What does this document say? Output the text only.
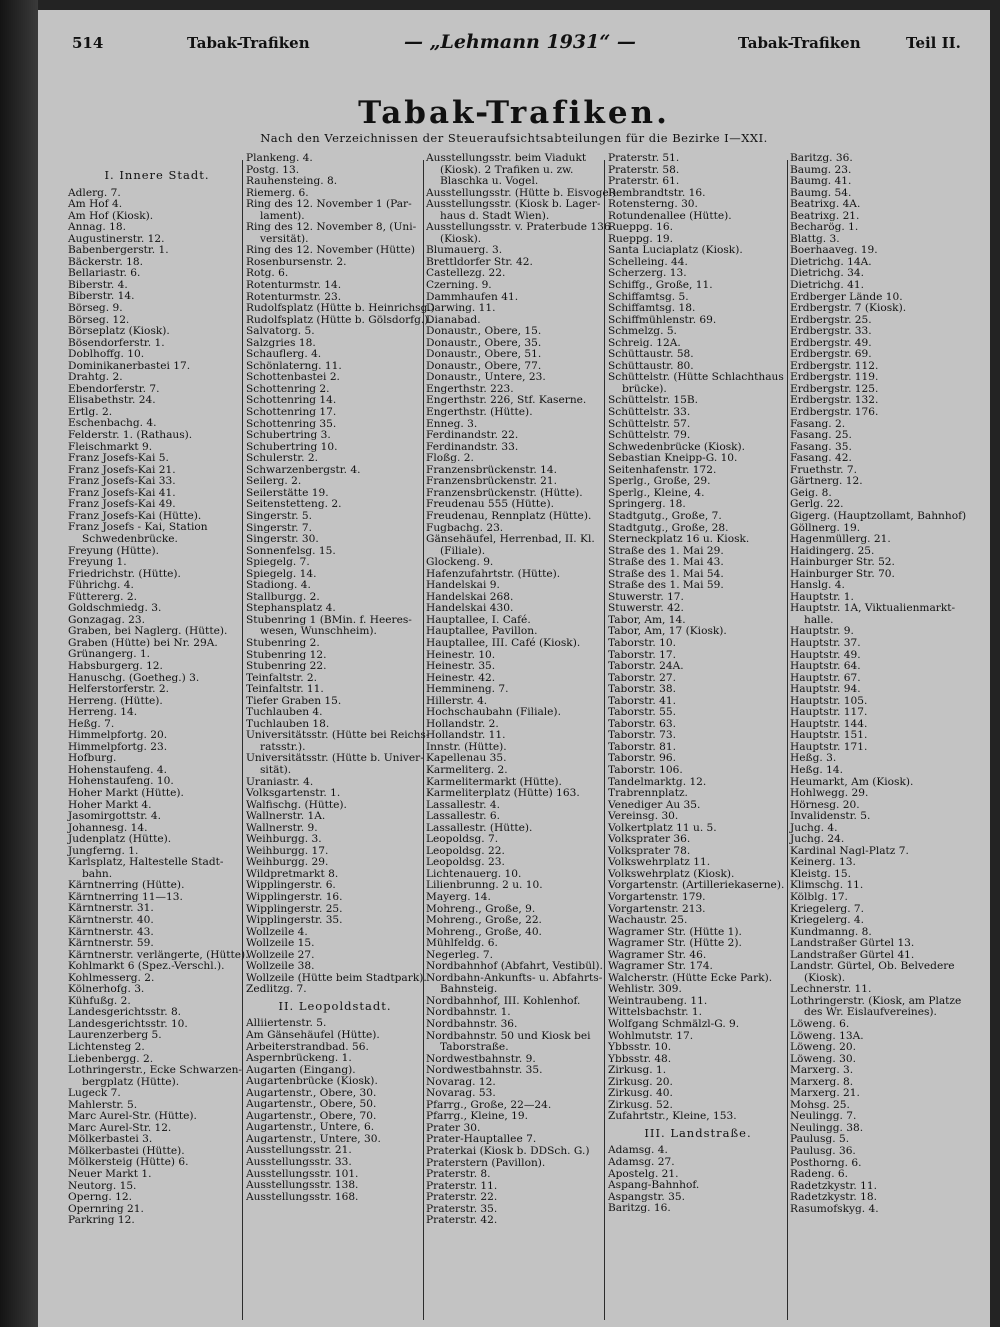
514	Tabak-Trafiken	— „Lehmann 1931“ —	Tabak-Trafiken	Teil II.
Tabak-Trafiken.
Nach den Verzeichnissen der Steueraufsichtsabteilungen für die Bezirke I—XXI.
I. Innere Stadt.
Adlerg. 7.
Am Hof 4.
Am Hof (Kiosk).
Annag. 18.
Augustinerstr. 12.
Babenbergerstr. 1.
Bäckerstr. 18.
Bellariastr. 6.
Biberstr. 4.
Biberstr. 14.
Börseg. 9.
Börseg. 12.
Börseplatz (Kiosk).
Bösendorferstr. 1.
Doblhoffg. 10.
Dominikanerbastei 17.
Drahtg. 2.
Ebendorferstr. 7.
Elisabethstr. 24.
Ertlg. 2.
Eschenbachg. 4.
Felderstr. 1. (Rathaus).
Fleischmarkt 9.
Franz Josefs-Kai 5.
Franz Josefs-Kai 21.
Franz Josefs-Kai 33.
Franz Josefs-Kai 41.
Franz Josefs-Kai 49.
Franz Josefs-Kai (Hütte).
Franz Josefs - Kai, Station
Schwedenbrücke.
Freyung (Hütte).
Freyung 1.
Friedrichstr. (Hütte).
Führichg. 4.
Füttererg. 2.
Goldschmiedg. 3.
Gonzagag. 23.
Graben, bei Naglerg. (Hütte).
Graben (Hütte) bei Nr. 29A.
Grünangerg. 1.
Habsburgerg. 12.
Hanuschg. (Goetheg.) 3.
Helferstorferstr. 2.
Herreng. (Hütte).
Herreng. 14.
Heßg. 7.
Himmelpfortg. 20.
Himmelpfortg. 23.
Hofburg.
Hohenstaufeng. 4.
Hohenstaufeng. 10.
Hoher Markt (Hütte).
Hoher Markt 4.
Jasomirgottstr. 4.
Johannesg. 14.
Judenplatz (Hütte).
Jungferng. 1.
Karlsplatz, Haltestelle Stadt-
bahn.
Kärntnerring (Hütte).
Kärntnerring 11—13.
Kärntnerstr. 31.
Kärntnerstr. 40.
Kärntnerstr. 43.
Kärntnerstr. 59.
Kärntnerstr. verlängerte, (Hütte).
Kohlmarkt 6 (Spez.-Verschl.).
Kohlmesserg. 2.
Kölnerhofg. 3.
Kühfußg. 2.
Landesgerichtsstr. 8.
Landesgerichtsstr. 10.
Laurenzerberg 5.
Lichtensteg 2.
Liebenbergg. 2.
Lothringerstr., Ecke Schwarzen-
bergplatz (Hütte).
Lugeck 7.
Mahlerstr. 5.
Marc Aurel-Str. (Hütte).
Marc Aurel-Str. 12.
Mölkerbastei 3.
Mölkerbastei (Hütte).
Mölkersteig (Hütte) 6.
Neuer Markt 1.
Neutorg. 15.
Operng. 12.
Opernring 21.
Parkring 12.
Plankeng. 4.
Postg. 13.
Rauhensteing. 8.
Riemerg. 6.
Ring des 12. November 1 (Par-
lament).
Ring des 12. November 8, (Uni-
versität).
Ring des 12. November (Hütte)
Rosenbursenstr. 2.
Rotg. 6.
Rotenturmstr. 14.
Rotenturmstr. 23.
Rudolfsplatz (Hütte b. Heinrichsg.)
Rudolfsplatz (Hütte b. Gölsdorfg.).
Salvatorg. 5.
Salzgries 18.
Schauflerg. 4.
Schönlaterng. 11.
Schottenbastei 2.
Schottenring 2.
Schottenring 14.
Schottenring 17.
Schottenring 35.
Schubertring 3.
Schubertring 10.
Schulerstr. 2.
Schwarzenbergstr. 4.
Seilerg. 2.
Seilerstätte 19.
Seitenstetteng. 2.
Singerstr. 5.
Singerstr. 7.
Singerstr. 30.
Sonnenfelsg. 15.
Spiegelg. 7.
Spiegelg. 14.
Stadiong. 4.
Stallburgg. 2.
Stephansplatz 4.
Stubenring 1 (BMin. f. Heeres-
wesen, Wunschheim).
Stubenring 2.
Stubenring 12.
Stubenring 22.
Teinfaltstr. 2.
Teinfaltstr. 11.
Tiefer Graben 15.
Tuchlauben 4.
Tuchlauben 18.
Universitätsstr. (Hütte bei Reichs-
ratsstr.).
Universitätsstr. (Hütte b. Univer-
sität).
Uraniastr. 4.
Volksgartenstr. 1.
Walfischg. (Hütte).
Wallnerstr. 1A.
Wallnerstr. 9.
Weihburgg. 3.
Weihburgg. 17.
Weihburgg. 29.
Wildpretmarkt 8.
Wipplingerstr. 6.
Wipplingerstr. 16.
Wipplingerstr. 25.
Wipplingerstr. 35.
Wollzeile 4.
Wollzeile 15.
Wollzeile 27.
Wollzeile 38.
Wollzeile (Hütte beim Stadtpark).
Zedlitzg. 7.
II. Leopoldstadt.
Alliiertenstr. 5.
Am Gänsehäufel (Hütte).
Arbeiterstrandbad. 56.
Aspernbrückeng. 1.
Augarten (Eingang).
Augartenbrücke (Kiosk).
Augartenstr., Obere, 30.
Augartenstr., Obere, 50.
Augartenstr., Obere, 70.
Augartenstr., Untere, 6.
Augartenstr., Untere, 30.
Ausstellungsstr. 21.
Ausstellungsstr. 33.
Ausstellungsstr. 101.
Ausstellungsstr. 138.
Ausstellungsstr. 168.
Ausstellungsstr. beim Viadukt
(Kiosk). 2 Trafiken u. zw.
Blaschka u. Vogel.
Ausstellungsstr. (Hütte b. Eisvogel).
Ausstellungsstr. (Kiosk b. Lager-
haus d. Stadt Wien).
Ausstellungsstr. v. Praterbude 136
(Kiosk).
Blumauerg. 3.
Brettldorfer Str. 42.
Castellezg. 22.
Czerning. 9.
Dammhaufen 41.
Darwing. 11.
Dianabad.
Donaustr., Obere, 15.
Donaustr., Obere, 35.
Donaustr., Obere, 51.
Donaustr., Obere, 77.
Donaustr., Untere, 23.
Engerthstr. 223.
Engerthstr. 226, Stf. Kaserne.
Engerthstr. (Hütte).
Enneg. 3.
Ferdinandstr. 22.
Ferdinandstr. 33.
Floßg. 2.
Franzensbrückenstr. 14.
Franzensbrückenstr. 21.
Franzensbrückenstr. (Hütte).
Freudenau 555 (Hütte).
Freudenau, Rennplatz (Hütte).
Fugbachg. 23.
Gänsehäufel, Herrenbad, II. Kl.
(Filiale).
Glockeng. 9.
Hafenzufahrtstr. (Hütte).
Handelskai 9.
Handelskai 268.
Handelskai 430.
Hauptallee, I. Café.
Hauptallee, Pavillon.
Hauptallee, III. Café (Kiosk).
Heinestr. 10.
Heinestr. 35.
Heinestr. 42.
Hemmineng. 7.
Hillerstr. 4.
Hochschaubahn (Filiale).
Hollandstr. 2.
Hollandstr. 11.
Innstr. (Hütte).
Kapellenau 35.
Karmeliterg. 2.
Karmelitermarkt (Hütte).
Karmeliterplatz (Hütte) 163.
Lassallestr. 4.
Lassallestr. 6.
Lassallestr. (Hütte).
Leopoldsg. 7.
Leopoldsg. 22.
Leopoldsg. 23.
Lichtenauerg. 10.
Lilienbrunng. 2 u. 10.
Mayerg. 14.
Mohreng., Große, 9.
Mohreng., Große, 22.
Mohreng., Große, 40.
Mühlfeldg. 6.
Negerleg. 7.
Nordbahnhof (Abfahrt, Vestibül).
Nordbahn-Ankunfts- u. Abfahrts-
Bahnsteig.
Nordbahnhof, III. Kohlenhof.
Nordbahnstr. 1.
Nordbahnstr. 36.
Nordbahnstr. 50 und Kiosk bei
Taborstraße.
Nordwestbahnstr. 9.
Nordwestbahnstr. 35.
Novarag. 12.
Novarag. 53.
Pfarrg., Große, 22—24.
Pfarrg., Kleine, 19.
Prater 30.
Prater-Hauptallee 7.
Praterkai (Kiosk b. DDSch. G.)
Praterstern (Pavillon).
Praterstr. 8.
Praterstr. 11.
Praterstr. 22.
Praterstr. 35.
Praterstr. 42.
Praterstr. 51.
Praterstr. 58.
Praterstr. 61.
Rembrandtstr. 16.
Rotensterng. 30.
Rotundenallee (Hütte).
Rueppg. 16.
Rueppg. 19.
Santa Luciaplatz (Kiosk).
Schelleing. 44.
Scherzerg. 13.
Schiffg., Große, 11.
Schiffamtsg. 5.
Schiffamtsg. 18.
Schiffmühlenstr. 69.
Schmelzg. 5.
Schreig. 12A.
Schüttaustr. 58.
Schüttaustr. 80.
Schüttelstr. (Hütte Schlachthaus
brücke).
Schüttelstr. 15B.
Schüttelstr. 33.
Schüttelstr. 57.
Schüttelstr. 79.
Schwedenbrücke (Kiosk).
Sebastian Kneipp-G. 10.
Seitenhafenstr. 172.
Sperlg., Große, 29.
Sperlg., Kleine, 4.
Springerg. 18.
Stadtgutg., Große, 7.
Stadtgutg., Große, 28.
Sterneckplatz 16 u. Kiosk.
Straße des 1. Mai 29.
Straße des 1. Mai 43.
Straße des 1. Mai 54.
Straße des 1. Mai 59.
Stuwerstr. 17.
Stuwerstr. 42.
Tabor, Am, 14.
Tabor, Am, 17 (Kiosk).
Taborstr. 10.
Taborstr. 17.
Taborstr. 24A.
Taborstr. 27.
Taborstr. 38.
Taborstr. 41.
Taborstr. 55.
Taborstr. 63.
Taborstr. 73.
Taborstr. 81.
Taborstr. 96.
Taborstr. 106.
Tandelmarktg. 12.
Trabrennplatz.
Venediger Au 35.
Vereinsg. 30.
Volkertplatz 11 u. 5.
Volksprater 36.
Volksprater 78.
Volkswehrplatz 11.
Volkswehrplatz (Kiosk).
Vorgartenstr. (Artilleriekaserne).
Vorgartenstr. 179.
Vorgartenstr. 213.
Wachaustr. 25.
Wagramer Str. (Hütte 1).
Wagramer Str. (Hütte 2).
Wagramer Str. 46.
Wagramer Str. 174.
Walcherstr. (Hütte Ecke Park).
Wehlistr. 309.
Weintraubeng. 11.
Wittelsbachstr. 1.
Wolfgang Schmälzl-G. 9.
Wohlmutstr. 17.
Ybbsstr. 10.
Ybbsstr. 48.
Zirkusg. 1.
Zirkusg. 20.
Zirkusg. 40.
Zirkusg. 52.
Zufahrtstr., Kleine, 153.
III. Landstraße.
Adamsg. 4.
Adamsg. 27.
Apostelg. 21.
Aspang-Bahnhof.
Aspangstr. 35.
Baritzg. 16.
Baritzg. 36.
Baumg. 23.
Baumg. 41.
Baumg. 54.
Beatrixg. 4A.
Beatrixg. 21.
Becharög. 1.
Blattg. 3.
Boerhaaveg. 19.
Dietrichg. 14A.
Dietrichg. 34.
Dietrichg. 41.
Erdberger Lände 10.
Erdbergstr. 7 (Kiosk).
Erdbergstr. 25.
Erdbergstr. 33.
Erdbergstr. 49.
Erdbergstr. 69.
Erdbergstr. 112.
Erdbergstr. 119.
Erdbergstr. 125.
Erdbergstr. 132.
Erdbergstr. 176.
Fasang. 2.
Fasang. 25.
Fasang. 35.
Fasang. 42.
Fruethstr. 7.
Gärtnerg. 12.
Geig. 8.
Gerlg. 22.
Gigerg. (Hauptzollamt, Bahnhof)
Göllnerg. 19.
Hagenmüllerg. 21.
Haidingerg. 25.
Hainburger Str. 52.
Hainburger Str. 70.
Hanslg. 4.
Hauptstr. 1.
Hauptstr. 1A, Viktualienmarkt-
halle.
Hauptstr. 9.
Hauptstr. 37.
Hauptstr. 49.
Hauptstr. 64.
Hauptstr. 67.
Hauptstr. 94.
Hauptstr. 105.
Hauptstr. 117.
Hauptstr. 144.
Hauptstr. 151.
Hauptstr. 171.
Heßg. 3.
Heßg. 14.
Heumarkt, Am (Kiosk).
Hohlwegg. 29.
Hörnesg. 20.
Invalidenstr. 5.
Juchg. 4.
Juchg. 24.
Kardinal Nagl-Platz 7.
Keinerg. 13.
Kleistg. 15.
Klimschg. 11.
Kölblg. 17.
Kriegelerg. 7.
Kriegelerg. 4.
Kundmanng. 8.
Landstraßer Gürtel 13.
Landstraßer Gürtel 41.
Landstr. Gürtel, Ob. Belvedere
(Kiosk).
Lechnerstr. 11.
Lothringerstr. (Kiosk, am Platze
des Wr. Eislaufvereines).
Löweng. 6.
Löweng. 13A.
Löweng. 20.
Löweng. 30.
Marxerg. 3.
Marxerg. 8.
Marxerg. 21.
Mohsg. 25.
Neulingg. 7.
Neulingg. 38.
Paulusg. 5.
Paulusg. 36.
Posthorng. 6.
Radeng. 6.
Radetzkystr. 11.
Radetzkystr. 18.
Rasumofskyg. 4.
